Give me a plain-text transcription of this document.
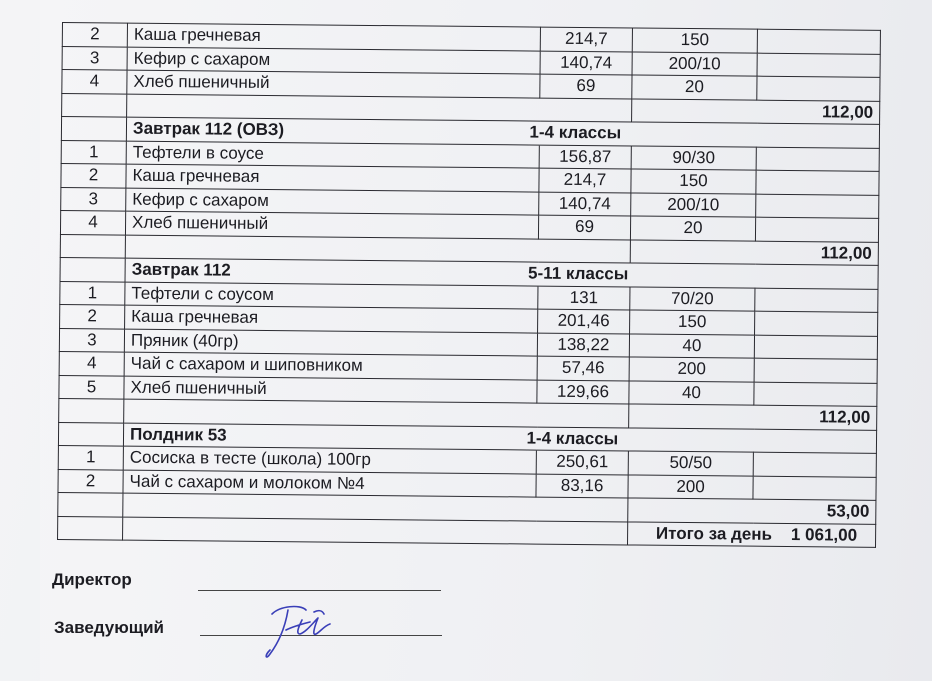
2	Каша гречневая	214,7	150	
3	Кефир с сахаром	140,74	200/10	
4	Хлеб пшеничный	69	20	
			112,00	
	Завтрак 112 (ОВЗ)	1-4 классы		
1	Тефтели в соусе	156,87	90/30	
2	Каша гречневая	214,7	150	
3	Кефир с сахаром	140,74	200/10	
4	Хлеб пшеничный	69	20	
			112,00	
	Завтрак 112	5-11 классы		
1	Тефтели с соусом	131	70/20	
2	Каша гречневая	201,46	150	
3	Пряник (40гр)	138,22	40	
4	Чай с сахаром и шиповником	57,46	200	
5	Хлеб пшеничный	129,66	40	
			112,00	
	Полдник 53	1-4 классы		
1	Сосиска в тесте (школа) 100гр	250,61	50/50	
2	Чай с сахаром и молоком №4	83,16	200	
			53,00	
			Итого за день 1 061,00	
Директор
Заведующий
